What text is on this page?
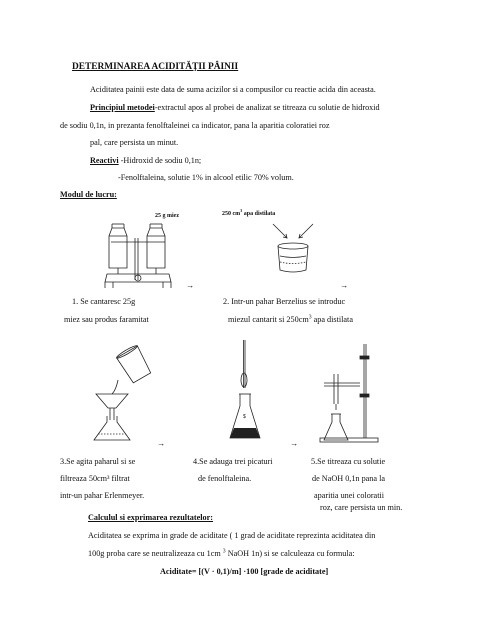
DETERMINAREA ACIDITĂŢII PÂINII
Aciditatea painii este data de suma acizilor si a compusilor cu reactie acida din aceasta.
Principiul metodei-extractul apos al probei de analizat se titreaza cu solutie de hidroxid
de sodiu 0,1n, in prezanta fenolftaleinei ca indicator, pana la aparitia coloratiei roz
pal, care persista un minut.
Reactivi -Hidroxid de sodiu 0,1n;
-Fenolftaleina, solutie 1% in alcool etilic 70% volum.
Modul de lucru:
25 g miez	250 $cm^3$ apa distilata
→	→
1. Se cantaresc 25g
miez sau produs faramitat
2. Intr-un pahar Berzelius se introduc
miezul cantarit si $250cm^3$ apa distilata
$
→	→
3.Se agita paharul si se
filtreaza 50cm³ filtrat
intr-un pahar Erlenmeyer.
4.Se adauga trei picaturi
de fenolftaleina.
5.Se titreaza cu solutie
de NaOH 0,1n pana la
aparitia unei coloratii
roz, care persista un min.
Calculul si exprimarea rezultatelor:
Aciditatea se exprima in grade de aciditate ( 1 grad de aciditate reprezinta aciditatea din
100g proba care se neutralizeaza cu 1cm $^3$ NaOH 1n) si se calculeaza cu formula:
Aciditate= [(V · 0,1)/m] ·100 [grade de aciditate]
